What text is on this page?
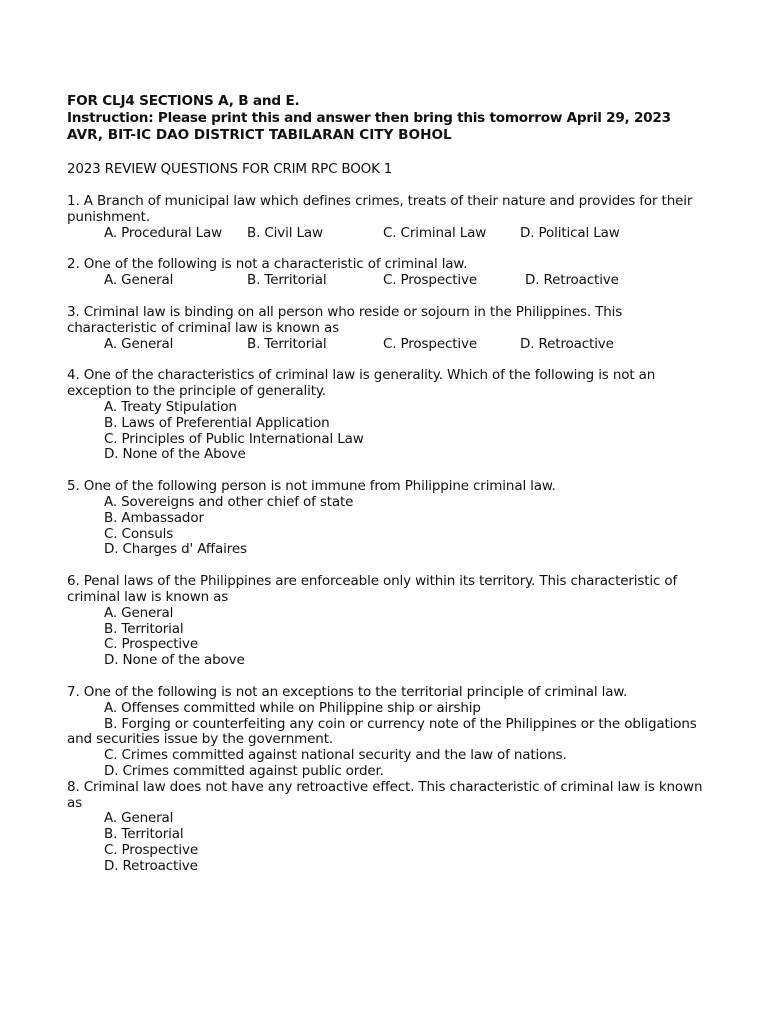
FOR CLJ4 SECTIONS A, B and E.
Instruction: Please print this and answer then bring this tomorrow April 29, 2023
AVR, BIT-IC DAO DISTRICT TABILARAN CITY BOHOL
2023 REVIEW QUESTIONS FOR CRIM RPC BOOK 1

1. A Branch of municipal law which defines crimes, treats of their nature and provides for their punishment.

A. Procedural Law	B. Civil Law	C. Criminal Law	D. Political Law

2. One of the following is not a characteristic of criminal law.

A. General	B. Territorial	C. Prospective	D. Retroactive

3. Criminal law is binding on all person who reside or sojourn in the Philippines. This characteristic of criminal law is known as

A. General	B. Territorial	C. Prospective	D. Retroactive

4. One of the characteristics of criminal law is generality. Which of the following is not an exception to the principle of generality.

A. Treaty Stipulation
B. Laws of Preferential Application
C. Principles of Public International Law
D. None of the Above

5. One of the following person is not immune from Philippine criminal law.

A. Sovereigns and other chief of state
B. Ambassador
C. Consuls
D. Charges d' Affaires

6. Penal laws of the Philippines are enforceable only within its territory. This characteristic of criminal law is known as

A. General
B. Territorial
C. Prospective
D. None of the above

7. One of the following is not an exceptions to the territorial principle of criminal law.

A. Offenses committed while on Philippine ship or airship

B. Forging or counterfeiting any coin or currency note of the Philippines or the obligations and securities issue by the government.

C. Crimes committed against national security and the law of nations.

D. Crimes committed against public order.

8. Criminal law does not have any retroactive effect. This characteristic of criminal law is known as

A. General
B. Territorial
C. Prospective
D. Retroactive
